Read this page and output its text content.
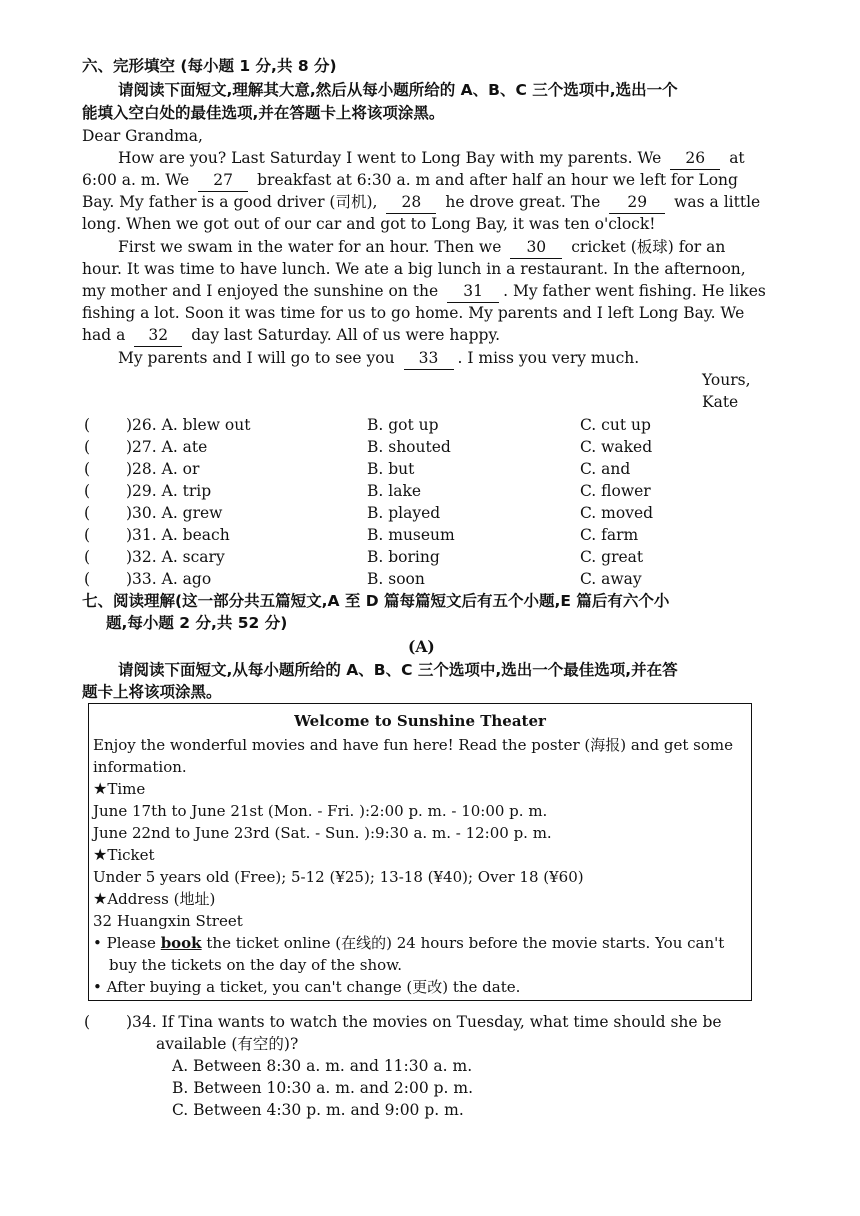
六、完形填空 (每小题 1 分,共 8 分)
请阅读下面短文,理解其大意,然后从每小题所给的 A、B、C 三个选项中,选出一个
能填入空白处的最佳选项,并在答题卡上将该项涂黑。
Dear Grandma,
How are you? Last Saturday I went to Long Bay with my parents. We 26 at
6:00 a. m. We 27 breakfast at 6:30 a. m and after half an hour we left for Long
Bay. My father is a good driver (司机), 28 he drove great. The 29 was a little
long. When we got out of our car and got to Long Bay, it was ten o'clock!
First we swam in the water for an hour. Then we 30 cricket (板球) for an
hour. It was time to have lunch. We ate a big lunch in a restaurant. In the afternoon,
my mother and I enjoyed the sunshine on the 31 . My father went fishing. He likes
fishing a lot. Soon it was time for us to go home. My parents and I left Long Bay. We
had a 32 day last Saturday. All of us were happy.
My parents and I will go to see you 33 . I miss you very much.
Yours,
Kate
( )26. A. blew out	B. got up	C. cut up
( )27. A. ate	B. shouted	C. waked
( )28. A. or	B. but	C. and
( )29. A. trip	B. lake	C. flower
( )30. A. grew	B. played	C. moved
( )31. A. beach	B. museum	C. farm
( )32. A. scary	B. boring	C. great
( )33. A. ago	B. soon	C. away
七、阅读理解(这一部分共五篇短文,A 至 D 篇每篇短文后有五个小题,E 篇后有六个小
题,每小题 2 分,共 52 分)
(A)
请阅读下面短文,从每小题所给的 A、B、C 三个选项中,选出一个最佳选项,并在答
题卡上将该项涂黑。
Welcome to Sunshine Theater
Enjoy the wonderful movies and have fun here! Read the poster (海报) and get some
information.
★Time
June 17th to June 21st (Mon. - Fri. ):2:00 p. m. - 10:00 p. m.
June 22nd to June 23rd (Sat. - Sun. ):9:30 a. m. - 12:00 p. m.
★Ticket
Under 5 years old (Free); 5-12 (¥25); 13-18 (¥40); Over 18 (¥60)
★Address (地址)
32 Huangxin Street
• Please book the ticket online (在线的) 24 hours before the movie starts. You can't
buy the tickets on the day of the show.
• After buying a ticket, you can't change (更改) the date.
( )34. If Tina wants to watch the movies on Tuesday, what time should she be
available (有空的)?
A. Between 8:30 a. m. and 11:30 a. m.
B. Between 10:30 a. m. and 2:00 p. m.
C. Between 4:30 p. m. and 9:00 p. m.
